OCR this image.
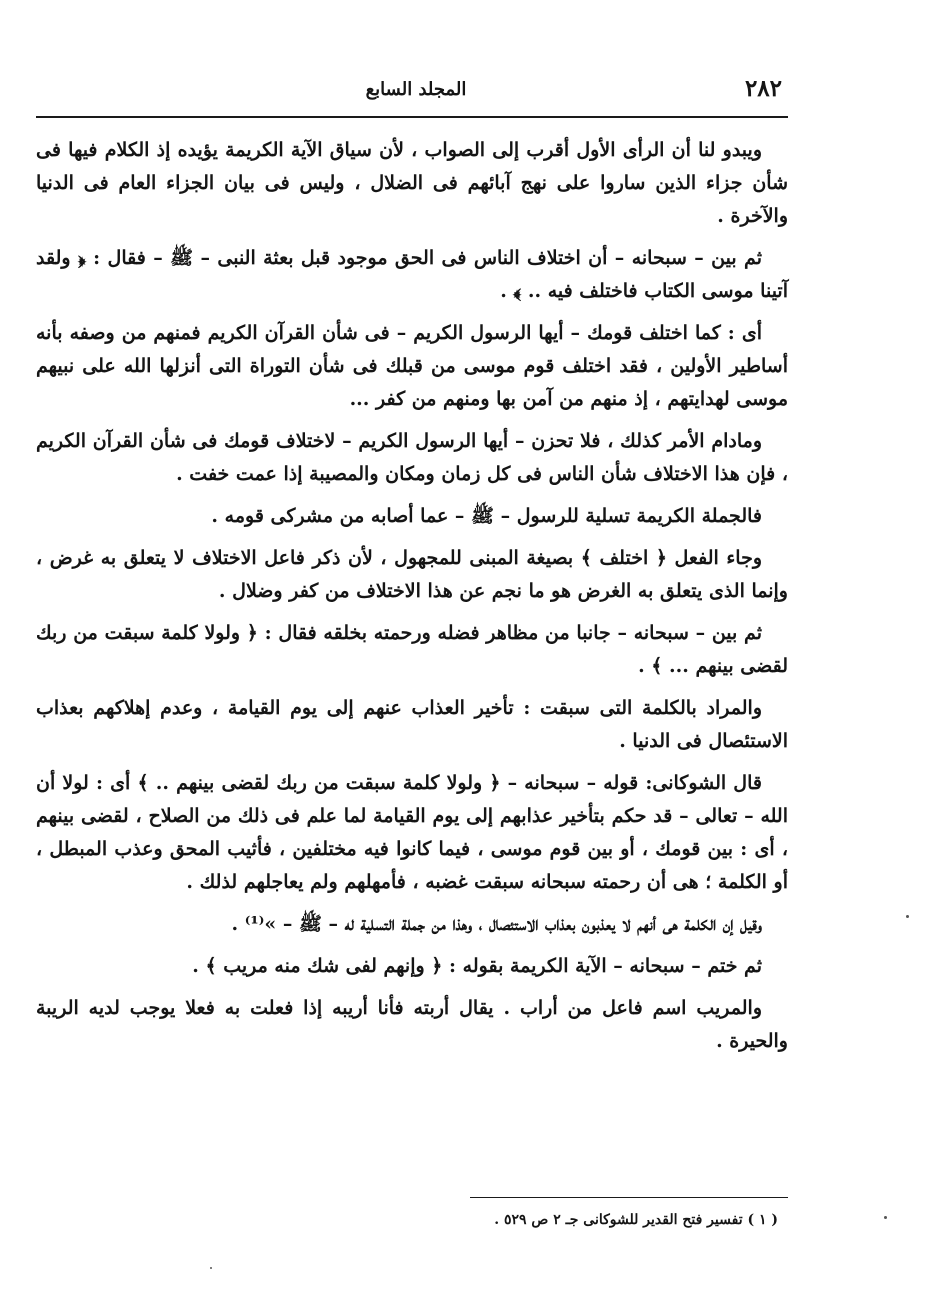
٢٨٢
المجلد السابع

ويبدو لنا أن الرأى الأول أقرب إلى الصواب ، لأن سياق الآية الكريمة يؤيده إذ الكلام فيها فى شأن جزاء الذين ساروا على نهج آبائهم فى الضلال ، وليس فى بيان الجزاء العام فى الدنيا والآخرة .

ثم بين – سبحانه – أن اختلاف الناس فى الحق موجود قبل بعثة النبى – ﷺ – فقال : ﴿ ولقد آتينا موسى الكتاب فاختلف فيه .. ﴾ .

أى : كما اختلف قومك – أيها الرسول الكريم – فى شأن القرآن الكريم فمنهم من وصفه بأنه أساطير الأولين ، فقد اختلف قوم موسى من قبلك فى شأن التوراة التى أنزلها الله على نبيهم موسى لهدايتهم ، إذ منهم من آمن بها ومنهم من كفر ...

ومادام الأمر كذلك ، فلا تحزن – أيها الرسول الكريم – لاختلاف قومك فى شأن القرآن الكريم ، فإن هذا الاختلاف شأن الناس فى كل زمان ومكان والمصيبة إذا عمت خفت .

فالجملة الكريمة تسلية للرسول – ﷺ – عما أصابه من مشركى قومه .

وجاء الفعل ﴿ اختلف ﴾ بصيغة المبنى للمجهول ، لأن ذكر فاعل الاختلاف لا يتعلق به غرض ، وإنما الذى يتعلق به الغرض هو ما نجم عن هذا الاختلاف من كفر وضلال .

ثم بين – سبحانه – جانبا من مظاهر فضله ورحمته بخلقه فقال : ﴿ ولولا كلمة سبقت من ربك لقضى بينهم ... ﴾ .

والمراد بالكلمة التى سبقت : تأخير العذاب عنهم إلى يوم القيامة ، وعدم إهلاكهم بعذاب الاستئصال فى الدنيا .

قال الشوكانى: قوله – سبحانه – ﴿ ولولا كلمة سبقت من ربك لقضى بينهم .. ﴾ أى : لولا أن الله – تعالى – قد حكم بتأخير عذابهم إلى يوم القيامة لما علم فى ذلك من الصلاح ، لقضى بينهم ، أى : بين قومك ، أو بين قوم موسى ، فيما كانوا فيه مختلفين ، فأثيب المحق وعذب المبطل ، أو الكلمة ؛ هى أن رحمته سبحانه سبقت غضبه ، فأمهلهم ولم يعاجلهم لذلك .

وقيل إن الكلمة هى أنهم لا يعذبون بعذاب الاستئصال ، وهذا من جملة التسلية له – ﷺ – »⁽¹⁾ .

ثم ختم – سبحانه – الآية الكريمة بقوله : ﴿ وإنهم لفى شك منه مريب ﴾ .

والمريب اسم فاعل من أراب . يقال أربته فأنا أريبه إذا فعلت به فعلا يوجب لديه الريبة والحيرة .

( ١ ) تفسير فتح القدير للشوكانى جـ ٢ ص ٥٢٩ .
